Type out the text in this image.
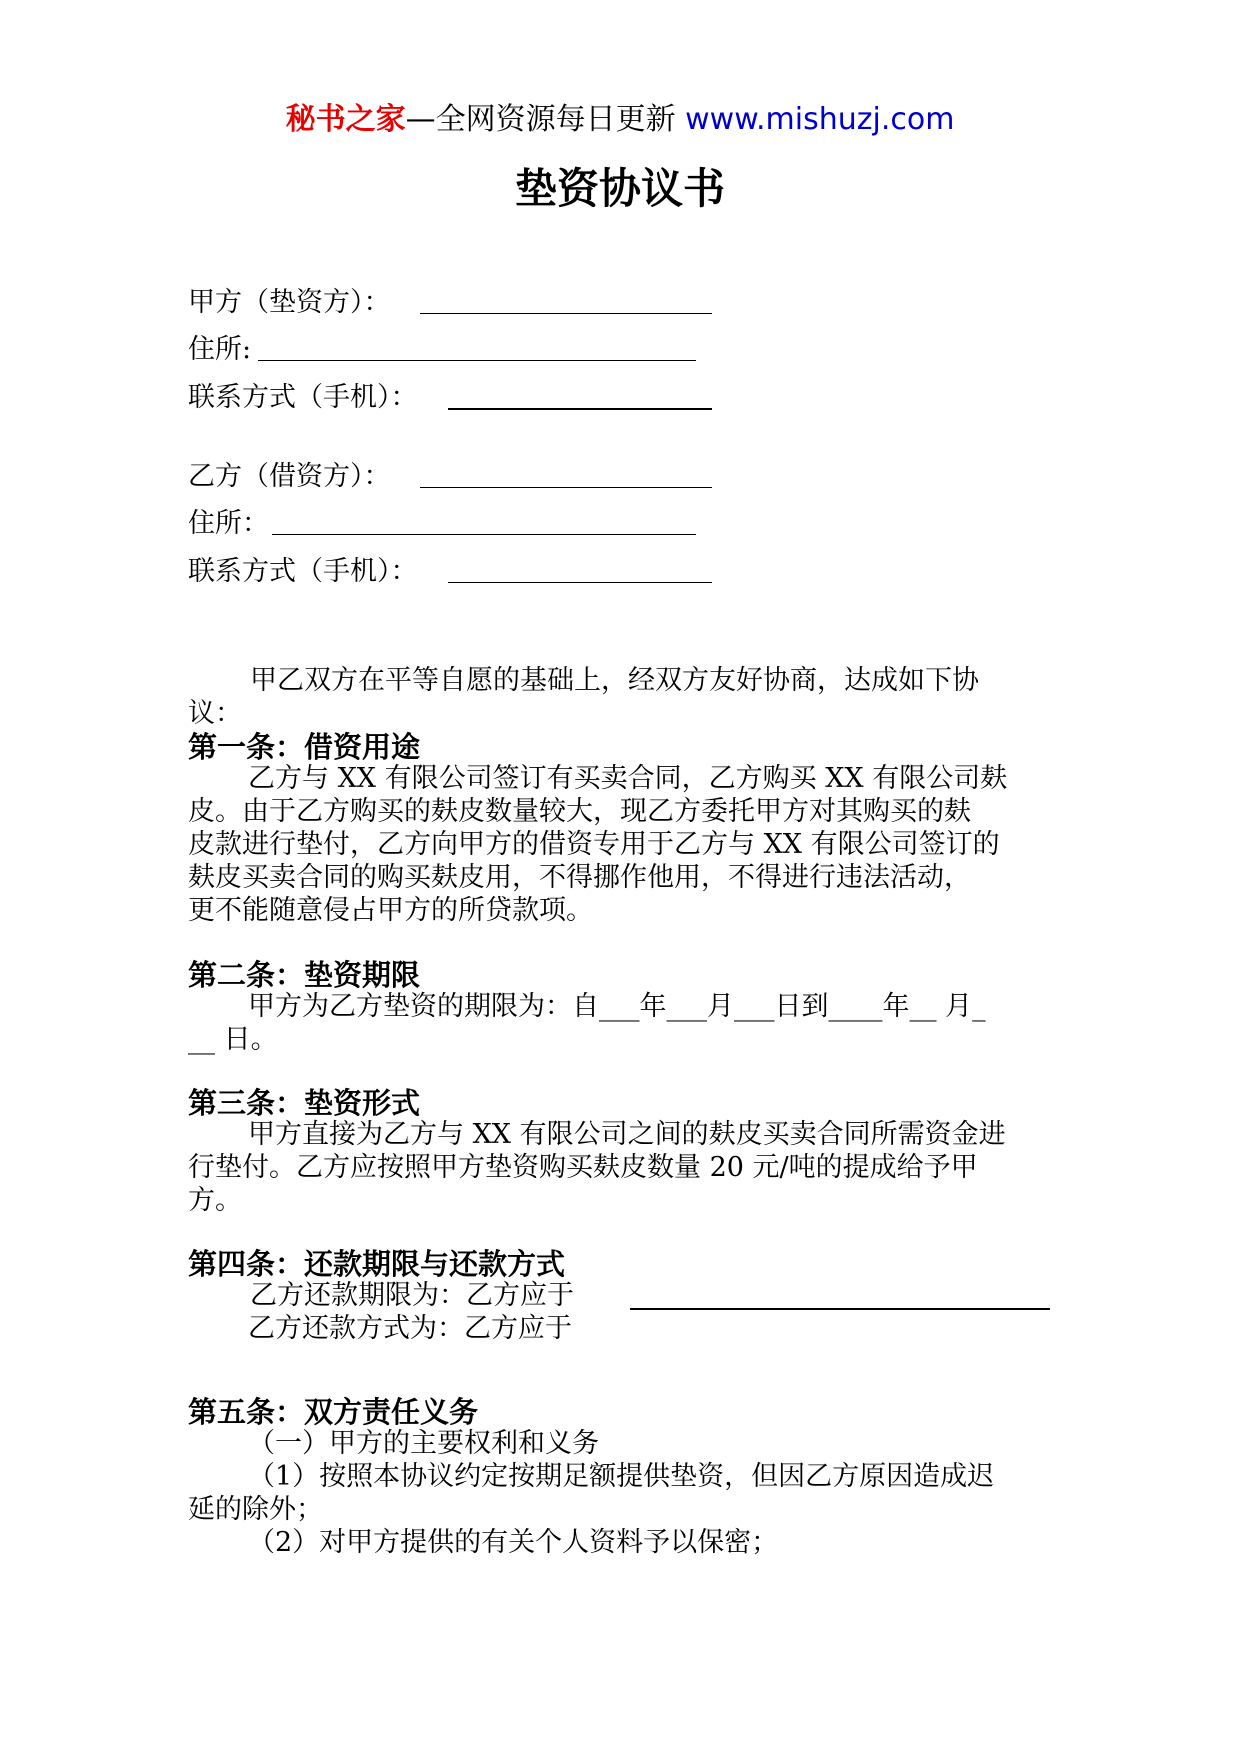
秘书之家—全网资源每日更新 www.mishuzj.com
垫资协议书
甲方（垫资方）：
住所:
联系方式（手机）：
乙方（借资方）：
住所：
联系方式（手机）：
甲乙双方在平等自愿的基础上，经双方友好协商，达成如下协
议：
第一条：借资用途
乙方与 XX 有限公司签订有买卖合同，乙方购买 XX 有限公司麸
皮。由于乙方购买的麸皮数量较大，现乙方委托甲方对其购买的麸
皮款进行垫付，乙方向甲方的借资专用于乙方与 XX 有限公司签订的
麸皮买卖合同的购买麸皮用，不得挪作他用，不得进行违法活动，
更不能随意侵占甲方的所贷款项。
第二条：垫资期限
甲方为乙方垫资的期限为：自___年___月___日到____年__ 月_
__ 日。
第三条：垫资形式
甲方直接为乙方与 XX 有限公司之间的麸皮买卖合同所需资金进
行垫付。乙方应按照甲方垫资购买麸皮数量 20 元/吨的提成给予甲
方。
第四条：还款期限与还款方式
乙方还款期限为：乙方应于
乙方还款方式为：乙方应于
第五条：双方责任义务
（一）甲方的主要权利和义务
（1）按照本协议约定按期足额提供垫资，但因乙方原因造成迟
延的除外；
（2）对甲方提供的有关个人资料予以保密；
